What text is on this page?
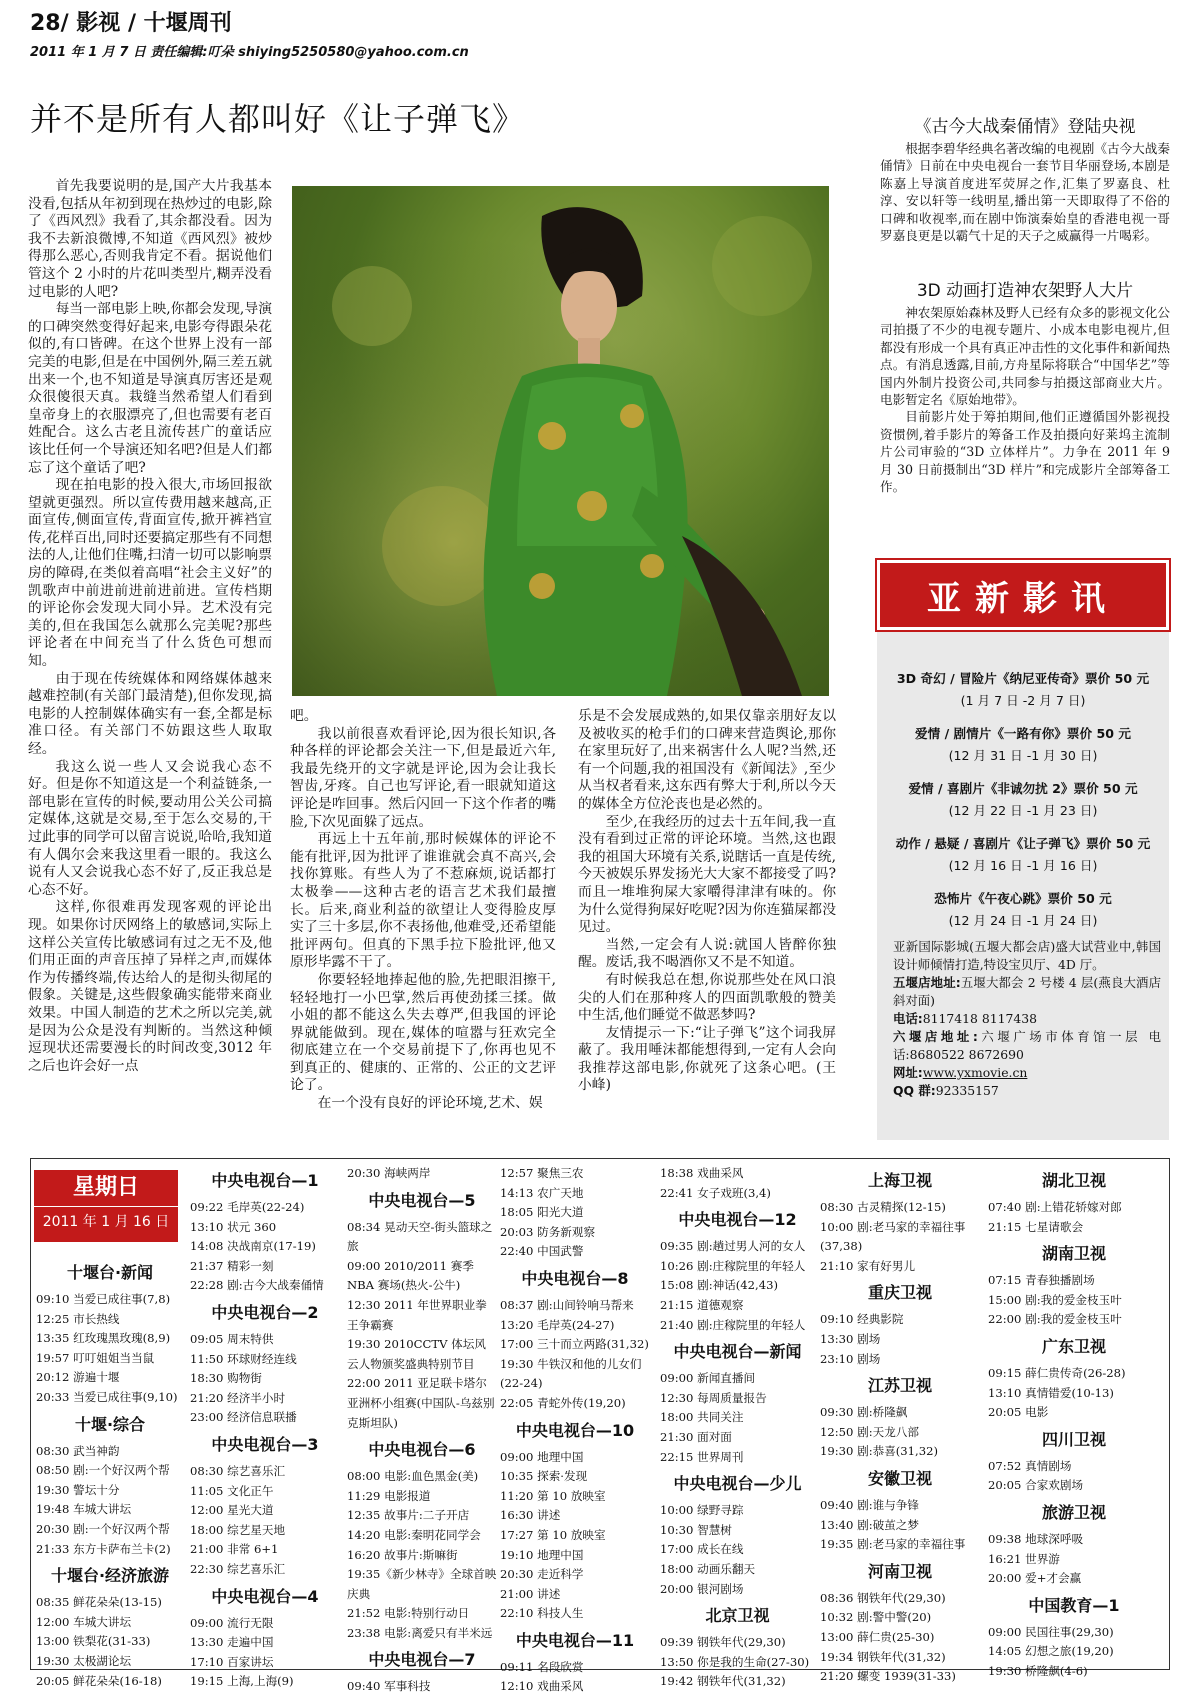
28/ 影视 / 十堰周刊
2011 年 1 月 7 日 责任编辑:叮朵 shiying5250580@yahoo.com.cn
并不是所有人都叫好《让子弹飞》

首先我要说明的是,国产大片我基本没看,包括从年初到现在热炒过的电影,除了《西风烈》我看了,其余都没看。因为我不去新浪微博,不知道《西风烈》被炒得那么恶心,否则我肯定不看。据说他们管这个 2 小时的片花叫类型片,糊弄没看过电影的人吧?

每当一部电影上映,你都会发现,导演的口碑突然变得好起来,电影夸得跟朵花似的,有口皆碑。在这个世界上没有一部完美的电影,但是在中国例外,隔三差五就出来一个,也不知道是导演真厉害还是观众很傻很天真。栽缝当然希望人们看到皇帝身上的衣服漂亮了,但也需要有老百姓配合。这么古老且流传甚广的童话应该比任何一个导演还知名吧?但是人们都忘了这个童话了吧?

现在拍电影的投入很大,市场回报欲望就更强烈。所以宣传费用越来越高,正面宣传,侧面宣传,背面宣传,掀开裤裆宣传,花样百出,同时还要搞定那些有不同想法的人,让他们住嘴,扫清一切可以影响票房的障碍,在类似着高唱“社会主义好”的凯歌声中前进前进前进前进。宣传档期的评论你会发现大同小异。艺术没有完美的,但在我国怎么就那么完美呢?那些评论者在中间充当了什么货色可想而知。

由于现在传统媒体和网络媒体越来越难控制(有关部门最清楚),但你发现,搞电影的人控制媒体确实有一套,全都是标准口径。有关部门不妨跟这些人取取经。

我这么说一些人又会说我心态不好。但是你不知道这是一个利益链条,一部电影在宣传的时候,要动用公关公司搞定媒体,这就是交易,至于怎么交易的,干过此事的同学可以留言说说,哈哈,我知道有人偶尔会来我这里看一眼的。我这么说有人又会说我心态不好了,反正我总是心态不好。

这样,你很难再发现客观的评论出现。如果你讨厌网络上的敏感词,实际上这样公关宣传比敏感词有过之无不及,他们用正面的声音压掉了异样之声,而媒体作为传播终端,传达给人的是彻头彻尾的假象。关键是,这些假象确实能带来商业效果。中国人制造的艺术之所以完美,就是因为公众是没有判断的。当然这种倾逗现状还需要漫长的时间改变,3012 年之后也许会好一点

吧。

我以前很喜欢看评论,因为很长知识,各种各样的评论都会关注一下,但是最近六年,我最先绕开的文字就是评论,因为会让我长智齿,牙疼。自己也写评论,看一眼就知道这评论是咋回事。然后闪回一下这个作者的嘴脸,下次见面躲了远点。

再远上十五年前,那时候媒体的评论不能有批评,因为批评了谁谁就会真不高兴,会找你算账。有些人为了不惹麻烦,说话都打太极拳——这种古老的语言艺术我们最擅长。后来,商业利益的欲望让人变得脸皮厚实了三十多层,你不表扬他,他难受,还希望能批评两句。但真的下黑手拉下脸批评,他又原形毕露不干了。

你要轻轻地捧起他的脸,先把眼泪擦干,轻轻地打一小巴掌,然后再使劲揉三揉。做小姐的都不能这么失去尊严,但我国的评论界就能做到。现在,媒体的喧嚣与狂欢完全彻底建立在一个交易前提下了,你再也见不到真正的、健康的、正常的、公正的文艺评论了。

在一个没有良好的评论环境,艺术、娱

乐是不会发展成熟的,如果仅靠亲朋好友以及被收买的枪手们的口碑来营造舆论,那你在家里玩好了,出来祸害什么人呢?当然,还有一个问题,我的祖国没有《新闻法》,至少从当权者看来,这东西有弊大于利,所以今天的媒体全方位沦丧也是必然的。

至少,在我经历的过去十五年间,我一直没有看到过正常的评论环境。当然,这也跟我的祖国大环境有关系,说瞎话一直是传统,今天被娱乐界发扬光大大家不都接受了吗?而且一堆堆狗屎大家嚼得津津有味的。你为什么觉得狗屎好吃呢?因为你连猫屎都没见过。

当然,一定会有人说:就国人皆醉你独醒。废话,我不喝酒你又不是不知道。

有时候我总在想,你说那些处在风口浪尖的人们在那种疼人的四面凯歌般的赞美中生活,他们睡觉不做恶梦吗?

友情提示一下:“让子弹飞”这个词我屏蔽了。我用唾沫都能想得到,一定有人会向我推荐这部电影,你就死了这条心吧。(王小峰)

《古今大战秦俑情》登陆央视

根据李碧华经典名著改编的电视剧《古今大战秦俑情》日前在中央电视台一套节目华丽登场,本剧是陈嘉上导演首度进军荧屏之作,汇集了罗嘉良、杜淳、安以轩等一线明星,播出第一天即取得了不俗的口碑和收视率,而在剧中饰演秦始皇的香港电视一哥罗嘉良更是以霸气十足的天子之威赢得一片喝彩。

3D 动画打造神农架野人大片

神农架原始森林及野人已经有众多的影视文化公司拍摄了不少的电视专题片、小成本电影电视片,但都没有形成一个具有真正冲击性的文化事件和新闻热点。有消息透露,目前,方舟星际将联合“中国华艺”等国内外制片投资公司,共同参与拍摄这部商业大片。电影暂定名《原始地带》。

目前影片处于筹拍期间,他们正遵循国外影视投资惯例,着手影片的筹备工作及拍摄向好莱坞主流制片公司审验的“3D 立体样片”。力争在 2011 年 9 月 30 日前摄制出“3D 样片”和完成影片全部筹备工作。

亚新影讯
3D 奇幻 / 冒险片《纳尼亚传奇》票价 50 元
(1 月 7 日 -2 月 7 日)
爱情 / 剧情片《一路有你》票价 50 元
(12 月 31 日 -1 月 30 日)
爱情 / 喜剧片《非诚勿扰 2》票价 50 元
(12 月 22 日 -1 月 23 日)
动作 / 悬疑 / 喜剧片《让子弹飞》票价 50 元
(12 月 16 日 -1 月 16 日)
恐怖片《午夜心跳》票价 50 元
(12 月 24 日 -1 月 24 日)
亚新国际影城(五堰大都会店)盛大试营业中,韩国设计师倾情打造,特设宝贝厅、4D 厅。
五堰店地址:五堰大都会 2 号楼 4 层(燕良大酒店斜对面)
电话:8117418 8117438
六堰店地址:六堰广场市体育馆一层 电话:8680522 8672690
网址:www.yxmovie.cn
QQ 群:92335157
星期日
2011 年 1 月 16 日
十堰台·新闻
09:10 当爱已成往事(7,8)
12:25 市长热线
13:35 红玫瑰黑玫瑰(8,9)
19:57 叮叮姐姐当当鼠
20:12 游遍十堰
20:33 当爱已成往事(9,10)
十堰·综合
08:30 武当神韵
08:50 剧:一个好汉两个帮
19:30 警坛十分
19:48 车城大讲坛
20:30 剧:一个好汉两个帮
21:33 东方卡萨布兰卡(2)
十堰台·经济旅游
08:35 鲜花朵朵(13-15)
12:00 车城大讲坛
13:00 铁梨花(31-33)
19:30 太极湖论坛
20:05 鲜花朵朵(16-18)
中央电视台—1
09:22 毛岸英(22-24)
13:10 状元 360
14:08 决战南京(17-19)
21:37 精彩一刻
22:28 剧:古今大战秦俑情
中央电视台—2
09:05 周末特供
11:50 环球财经连线
18:30 购物街
21:20 经济半小时
23:00 经济信息联播
中央电视台—3
08:30 综艺喜乐汇
11:05 文化正午
12:00 星光大道
18:00 综艺星天地
21:00 非常 6+1
22:30 综艺喜乐汇
中央电视台—4
09:00 流行无限
13:30 走遍中国
17:10 百家讲坛
19:15 上海,上海(9)
20:30 海峡两岸
中央电视台—5
08:34 晃动天空-街头篮球之旅
09:00 2010/2011 赛季 NBA 赛场(热火-公牛)
12:30 2011 年世界职业拳王争霸赛
19:30 2010CCTV 体坛风云人物颁奖盛典特别节目
22:00 2011 亚足联卡塔尔亚洲杯小组赛(中国队-乌兹别克斯坦队)
中央电视台—6
08:00 电影:血色黑金(美)
11:29 电影报道
12:35 故事片:二子开店
14:20 电影:秦明花同学会
16:20 故事片:斯嘛街
19:35《新少林寺》全球首映庆典
21:52 电影:特别行动日
23:38 电影:离爱只有半米远
中央电视台—7
09:40 军事科技
12:57 聚焦三农
14:13 农广天地
18:05 阳光大道
20:03 防务新观察
22:40 中国武警
中央电视台—8
08:37 剧:山间铃响马帮来
13:20 毛岸英(24-27)
17:00 三十而立两路(31,32)
19:30 牛铁汉和他的儿女们(22-24)
22:05 青蛇外传(19,20)
中央电视台—10
09:00 地理中国
10:35 探索·发现
11:20 第 10 放映室
16:30 讲述
17:27 第 10 放映室
19:10 地理中国
20:30 走近科学
21:00 讲述
22:10 科技人生
中央电视台—11
09:11 名段欣赏
12:10 戏曲采风
18:38 戏曲采风
22:41 女子戏班(3,4)
中央电视台—12
09:35 剧:趟过男人河的女人
10:26 剧:庄稼院里的年轻人
15:08 剧:神话(42,43)
21:15 道德观察
21:40 剧:庄稼院里的年轻人
中央电视台—新闻
09:00 新闻直播间
12:30 每周质量报告
18:00 共同关注
21:30 面对面
22:15 世界周刊
中央电视台—少儿
10:00 绿野寻踪
10:30 智慧树
17:00 成长在线
18:00 动画乐翻天
20:00 银河剧场
北京卫视
09:39 钢铁年代(29,30)
13:50 你是我的生命(27-30)
19:42 钢铁年代(31,32)
上海卫视
08:30 古灵精探(12-15)
10:00 剧:老马家的幸福往事(37,38)
21:10 家有好男儿
重庆卫视
09:10 经典影院
13:30 剧场
23:10 剧场
江苏卫视
09:30 剧:桥隆飙
12:50 剧:天龙八部
19:30 剧:恭喜(31,32)
安徽卫视
09:40 剧:谁与争锋
13:40 剧:破茧之梦
19:35 剧:老马家的幸福往事
河南卫视
08:36 钢铁年代(29,30)
10:32 剧:警中警(20)
13:00 薛仁贵(25-30)
19:34 钢铁年代(31,32)
21:20 螺变 1939(31-33)
湖北卫视
07:40 剧:上错花轿嫁对郎
21:15 七星请歌会
湖南卫视
07:15 青春独播剧场
15:00 剧:我的爱金枝玉叶
22:00 剧:我的爱金枝玉叶
广东卫视
09:15 薛仁贵传奇(26-28)
13:10 真情错爱(10-13)
20:05 电影
四川卫视
07:52 真情剧场
20:05 合家欢剧场
旅游卫视
09:38 地球深呼吸
16:21 世界游
20:00 爱+才会赢
中国教育—1
09:00 民国往事(29,30)
14:05 幻想之旅(19,20)
19:30 桥隆飙(4-6)
